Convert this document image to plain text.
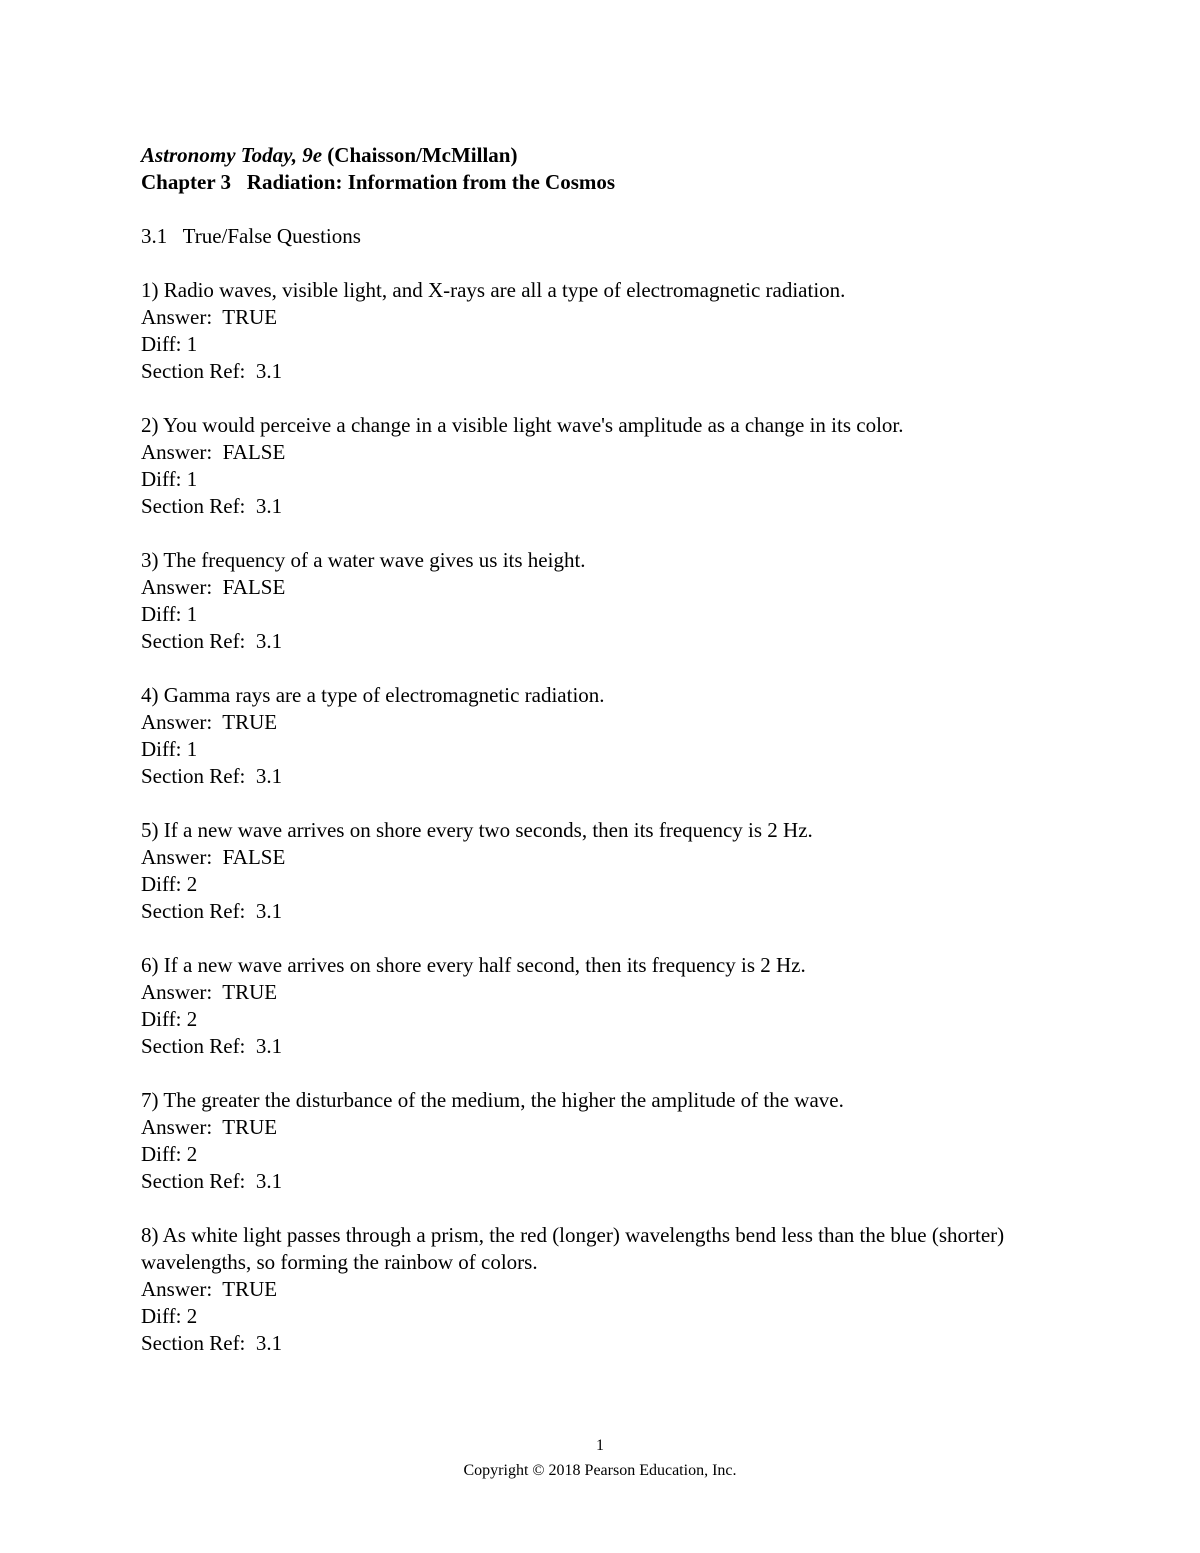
Astronomy Today, 9e (Chaisson/McMillan)
Chapter 3   Radiation: Information from the Cosmos
3.1   True/False Questions
1) Radio waves, visible light, and X-rays are all a type of electromagnetic radiation.
Answer:  TRUE
Diff: 1
Section Ref:  3.1
2) You would perceive a change in a visible light wave's amplitude as a change in its color.
Answer:  FALSE
Diff: 1
Section Ref:  3.1
3) The frequency of a water wave gives us its height.
Answer:  FALSE
Diff: 1
Section Ref:  3.1
4) Gamma rays are a type of electromagnetic radiation.
Answer:  TRUE
Diff: 1
Section Ref:  3.1
5) If a new wave arrives on shore every two seconds, then its frequency is 2 Hz.
Answer:  FALSE
Diff: 2
Section Ref:  3.1
6) If a new wave arrives on shore every half second, then its frequency is 2 Hz.
Answer:  TRUE
Diff: 2
Section Ref:  3.1
7) The greater the disturbance of the medium, the higher the amplitude of the wave.
Answer:  TRUE
Diff: 2
Section Ref:  3.1
8) As white light passes through a prism, the red (longer) wavelengths bend less than the blue (shorter) wavelengths, so forming the rainbow of colors.
Answer:  TRUE
Diff: 2
Section Ref:  3.1
1
Copyright © 2018 Pearson Education, Inc.
